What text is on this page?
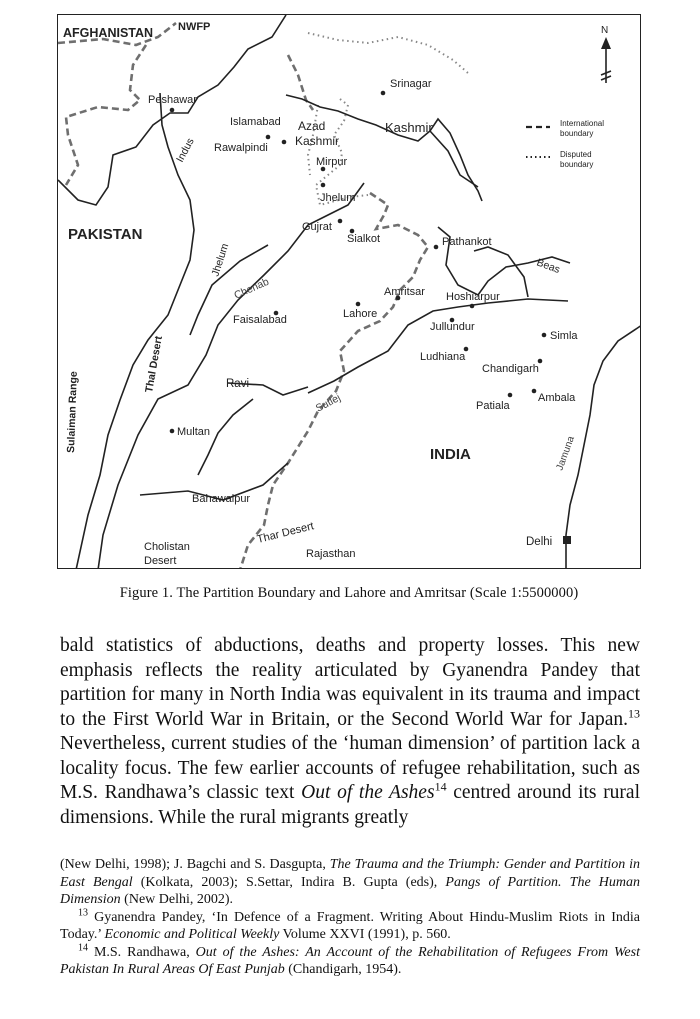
AFGHANISTAN NWFP
Peshawar
Islamabad
Rawalpindi
Indus
Azad
Kashmir
Kashmir
Srinagar
Mirpur
Jhelum
Gujrat
Sialkot	Pathankot
Beas
PAKISTAN
Jhelum
Chenab
Faisalabad	Lahore
Amritsar Hoshiarpur
Jullundur
Simla
Ludhiana
Chandigarh
Ambala
Patiala
Ravi
Sutlej
Thal Desert
Sulaiman Range	Multan
INDIA	Jamuna
Bahawalpur
Thar Desert
Cholistan
Desert
Rajasthan
Delhi
N
International
boundary
Disputed
boundary
Figure 1. The Partition Boundary and Lahore and Amritsar (Scale 1:5500000)

bald statistics of abductions, deaths and property losses. This new emphasis reflects the reality articulated by Gyanendra Pandey that partition for many in North India was equivalent in its trauma and impact to the First World War in Britain, or the Second World War for Japan.$^{13}$ Nevertheless, current studies of the ‘human dimension’ of partition lack a locality focus. The few earlier accounts of refugee rehabilitation, such as M.S. Randhawa’s classic text Out of the Ashes$^{14}$ centred around its rural dimensions. While the rural migrants greatly

(New Delhi, 1998); J. Bagchi and S. Dasgupta, The Trauma and the Triumph: Gender and Partition in East Bengal (Kolkata, 2003); S.Settar, Indira B. Gupta (eds), Pangs of Partition. The Human Dimension (New Delhi, 2002).

$^{13}$ Gyanendra Pandey, ‘In Defence of a Fragment. Writing About Hindu-Muslim Riots in India Today.’ Economic and Political Weekly Volume XXVI (1991), p. 560.

$^{14}$ M.S. Randhawa, Out of the Ashes: An Account of the Rehabilitation of Refugees From West Pakistan In Rural Areas Of East Punjab (Chandigarh, 1954).
